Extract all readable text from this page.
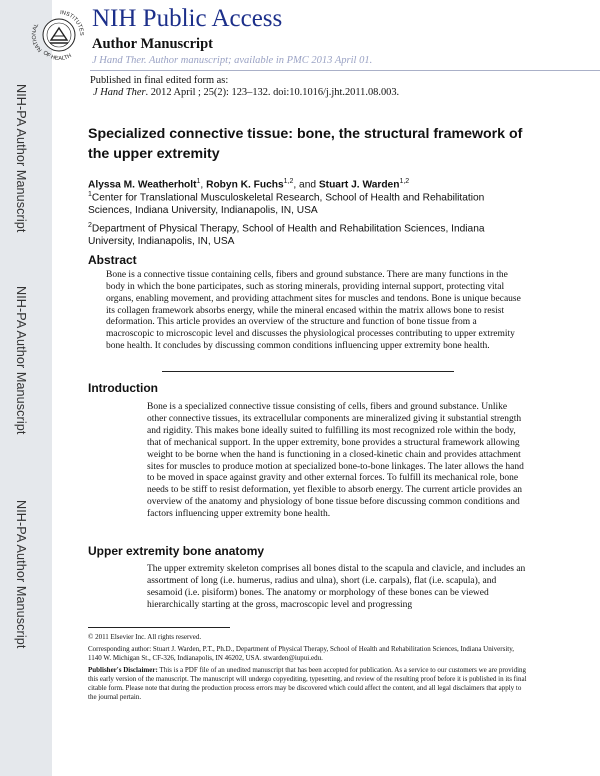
NIH-PA Author Manuscript
NIH-PA Author Manuscript
NIH-PA Author Manuscript
NATIONAL
INSTITUTES
OF HEALTH
NIH Public Access
Author Manuscript
J Hand Ther. Author manuscript; available in PMC 2013 April 01.
Published in final edited form as:
J Hand Ther. 2012 April ; 25(2): 123–132. doi:10.1016/j.jht.2011.08.003.
Specialized connective tissue: bone, the structural framework of the upper extremity
Alyssa M. Weatherholt$^1$, Robyn K. Fuchs$^{1,2}$, and Stuart J. Warden$^{1,2}$
$^1$Center for Translational Musculoskeletal Research, School of Health and Rehabilitation Sciences, Indiana University, Indianapolis, IN, USA
$^2$Department of Physical Therapy, School of Health and Rehabilitation Sciences, Indiana University, Indianapolis, IN, USA
Abstract
Bone is a connective tissue containing cells, fibers and ground substance. There are many functions in the body in which the bone participates, such as storing minerals, providing internal support, protecting vital organs, enabling movement, and providing attachment sites for muscles and tendons. Bone is unique because its collagen framework absorbs energy, while the mineral encased within the matrix allows bone to resist deformation. This article provides an overview of the structure and function of bone tissue from a macroscopic to microscopic level and discusses the physiological processes contributing to upper extremity bone health. It concludes by discussing common conditions influencing upper extremity bone health.
Introduction
Bone is a specialized connective tissue consisting of cells, fibers and ground substance. Unlike other connective tissues, its extracellular components are mineralized giving it substantial strength and rigidity. This makes bone ideally suited to fulfilling its most recognized role within the body, that of mechanical support. In the upper extremity, bone provides a structural framework allowing weight to be borne when the hand is functioning in a closed-kinetic chain and provides attachment sites for muscles to produce motion at specialized bone-to-bone linkages. The later allows the hand to be moved in space against gravity and other external forces. To fulfill its mechanical role, bone needs to be stiff to resist deformation, yet flexible to absorb energy. The current article provides an overview of the anatomy and physiology of bone tissue before discussing common conditions and factors influencing upper extremity bone health.
Upper extremity bone anatomy
The upper extremity skeleton comprises all bones distal to the scapula and clavicle, and includes an assortment of long (i.e. humerus, radius and ulna), short (i.e. carpals), flat (i.e. scapula), and sesamoid (i.e. pisiform) bones. The anatomy or morphology of these bones can be viewed hierarchically starting at the gross, macroscopic level and progressing

© 2011 Elsevier Inc. All rights reserved.

Corresponding author: Stuart J. Warden, P.T., Ph.D., Department of Physical Therapy, School of Health and Rehabilitation Sciences, Indiana University, 1140 W. Michigan St., CF-326, Indianapolis, IN 46202, USA. stwarden@iupui.edu.

Publisher's Disclaimer: This is a PDF file of an unedited manuscript that has been accepted for publication. As a service to our customers we are providing this early version of the manuscript. The manuscript will undergo copyediting, typesetting, and review of the resulting proof before it is published in its final citable form. Please note that during the production process errors may be discovered which could affect the content, and all legal disclaimers that apply to the journal pertain.
